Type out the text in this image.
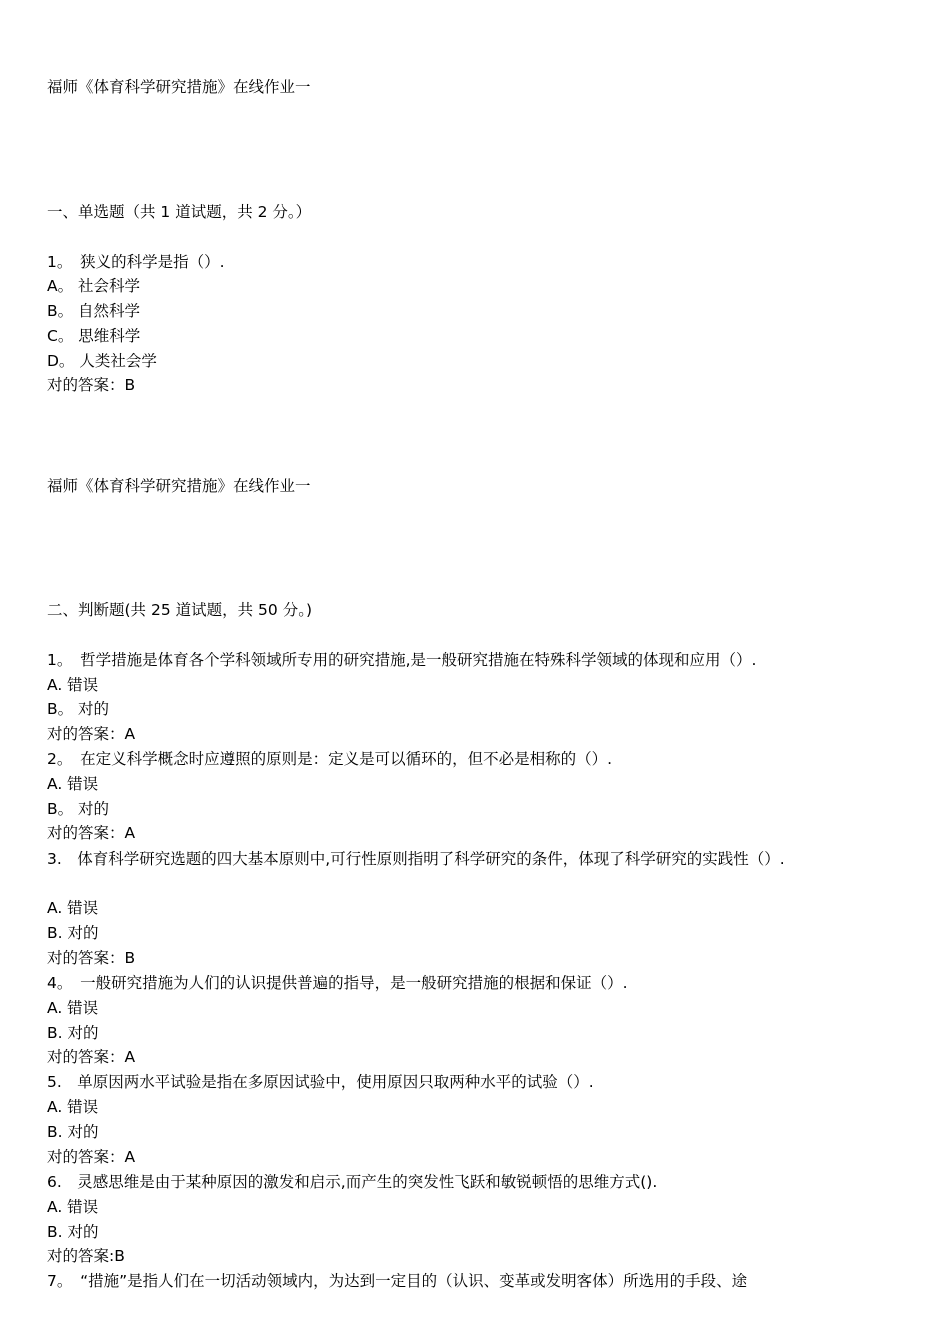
福师《体育科学研究措施》在线作业一
一、单选题（共 1 道试题，共 2 分。）
1。　狭义的科学是指（）.
A。 社会科学
B。 自然科学
C。 思维科学
D。 人类社会学
对的答案：B
福师《体育科学研究措施》在线作业一
二、判断题(共 25 道试题，共 50 分。)
1。　哲学措施是体育各个学科领域所专用的研究措施,是一般研究措施在特殊科学领域的体现和应用（）.
A. 错误
B。 对的
对的答案：A
2。　在定义科学概念时应遵照的原则是：定义是可以循环的，但不必是相称的（）.
A. 错误
B。 对的
对的答案：A
3.　体育科学研究选题的四大基本原则中,可行性原则指明了科学研究的条件，体现了科学研究的实践性（）.
A. 错误
B. 对的
对的答案：B
4。　一般研究措施为人们的认识提供普遍的指导，是一般研究措施的根据和保证（）.
A. 错误
B. 对的
对的答案：A
5.　单原因两水平试验是指在多原因试验中，使用原因只取两种水平的试验（）.
A. 错误
B. 对的
对的答案：A
6.　灵感思维是由于某种原因的激发和启示,而产生的突发性飞跃和敏锐顿悟的思维方式().
A. 错误
B. 对的
对的答案:B
7。　“措施”是指人们在一切活动领域内，为达到一定目的（认识、变革或发明客体）所选用的手段、途
